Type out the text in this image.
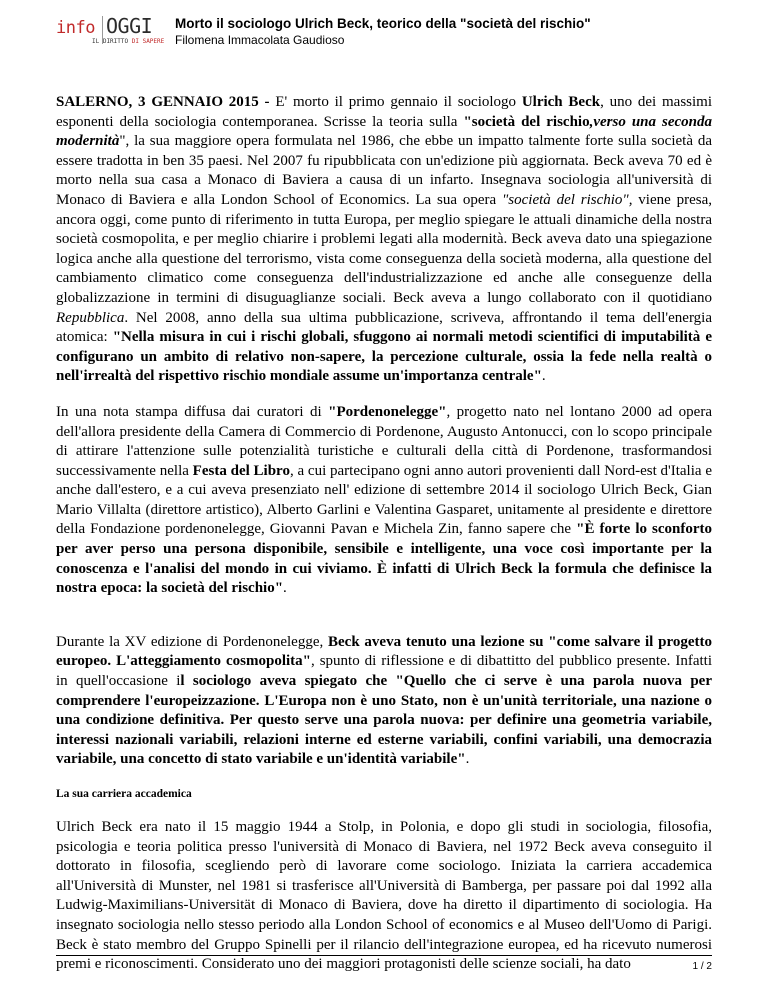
info OGGI
IL DIRITTO DI SAPERE
Morto il sociologo Ulrich Beck, teorico della "società del rischio"
Filomena Immacolata Gaudioso

SALERNO, 3 GENNAIO 2015 - E' morto il primo gennaio il sociologo Ulrich Beck, uno dei massimi esponenti della sociologia contemporanea. Scrisse la teoria sulla "società del rischio,verso una seconda modernità", la sua maggiore opera formulata nel 1986, che ebbe un impatto talmente forte sulla società da essere tradotta in ben 35 paesi. Nel 2007 fu ripubblicata con un'edizione più aggiornata. Beck aveva 70 ed è morto nella sua casa a Monaco di Baviera a causa di un infarto. Insegnava sociologia all'università di Monaco di Baviera e alla London School of Economics. La sua opera "società del rischio", viene presa, ancora oggi, come punto di riferimento in tutta Europa, per meglio spiegare le attuali dinamiche della nostra società cosmopolita, e per meglio chiarire i problemi legati alla modernità. Beck aveva dato una spiegazione logica anche alla questione del terrorismo, vista come conseguenza della società moderna, alla questione del cambiamento climatico come conseguenza dell'industrializzazione ed anche alle conseguenze della globalizzazione in termini di disuguaglianze sociali. Beck aveva a lungo collaborato con il quotidiano Repubblica. Nel 2008, anno della sua ultima pubblicazione, scriveva, affrontando il tema dell'energia atomica: "Nella misura in cui i rischi globali, sfuggono ai normali metodi scientifici di imputabilità e configurano un ambito di relativo non-sapere, la percezione culturale, ossia la fede nella realtà o nell'irrealtà del rispettivo rischio mondiale assume un'importanza centrale".

In una nota stampa diffusa dai curatori di "Pordenonelegge", progetto nato nel lontano 2000 ad opera dell'allora presidente della Camera di Commercio di Pordenone, Augusto Antonucci, con lo scopo principale di attirare l'attenzione sulle potenzialità turistiche e culturali della città di Pordenone, trasformandosi successivamente nella Festa del Libro, a cui partecipano ogni anno autori provenienti dall Nord-est d'Italia e anche dall'estero, e a cui aveva presenziato nell' edizione di settembre 2014 il sociologo Ulrich Beck, Gian Mario Villalta (direttore artistico), Alberto Garlini e Valentina Gasparet, unitamente al presidente e direttore della Fondazione pordenonelegge, Giovanni Pavan e Michela Zin, fanno sapere che "È forte lo sconforto per aver perso una persona disponibile, sensibile e intelligente, una voce così importante per la conoscenza e l'analisi del mondo in cui viviamo. È infatti di Ulrich Beck la formula che definisce la nostra epoca: la società del rischio".

Durante la XV edizione di Pordenonelegge, Beck aveva tenuto una lezione su "come salvare il progetto europeo. L'atteggiamento cosmopolita", spunto di riflessione e di dibattitto del pubblico presente. Infatti in quell'occasione il sociologo aveva spiegato che "Quello che ci serve è una parola nuova per comprendere l'europeizzazione. L'Europa non è uno Stato, non è un'unità territoriale, una nazione o una condizione definitiva. Per questo serve una parola nuova: per definire una geometria variabile, interessi nazionali variabili, relazioni interne ed esterne variabili, confini variabili, una democrazia variabile, una concetto di stato variabile e un'identità variabile".

La sua carriera accademica

Ulrich Beck era nato il 15 maggio 1944 a Stolp, in Polonia, e dopo gli studi in sociologia, filosofia, psicologia e teoria politica presso l'università di Monaco di Baviera, nel 1972 Beck aveva conseguito il dottorato in filosofia, scegliendo però di lavorare come sociologo. Iniziata la carriera accademica all'Università di Munster, nel 1981 si trasferisce all'Università di Bamberga, per passare poi dal 1992 alla Ludwig-Maximilians-Universität di Monaco di Baviera, dove ha diretto il dipartimento di sociologia. Ha insegnato sociologia nello stesso periodo alla London School of economics e al Museo dell'Uomo di Parigi. Beck è stato membro del Gruppo Spinelli per il rilancio dell'integrazione europea, ed ha ricevuto numerosi premi e riconoscimenti. Considerato uno dei maggiori protagonisti delle scienze sociali, ha dato	1 / 2
